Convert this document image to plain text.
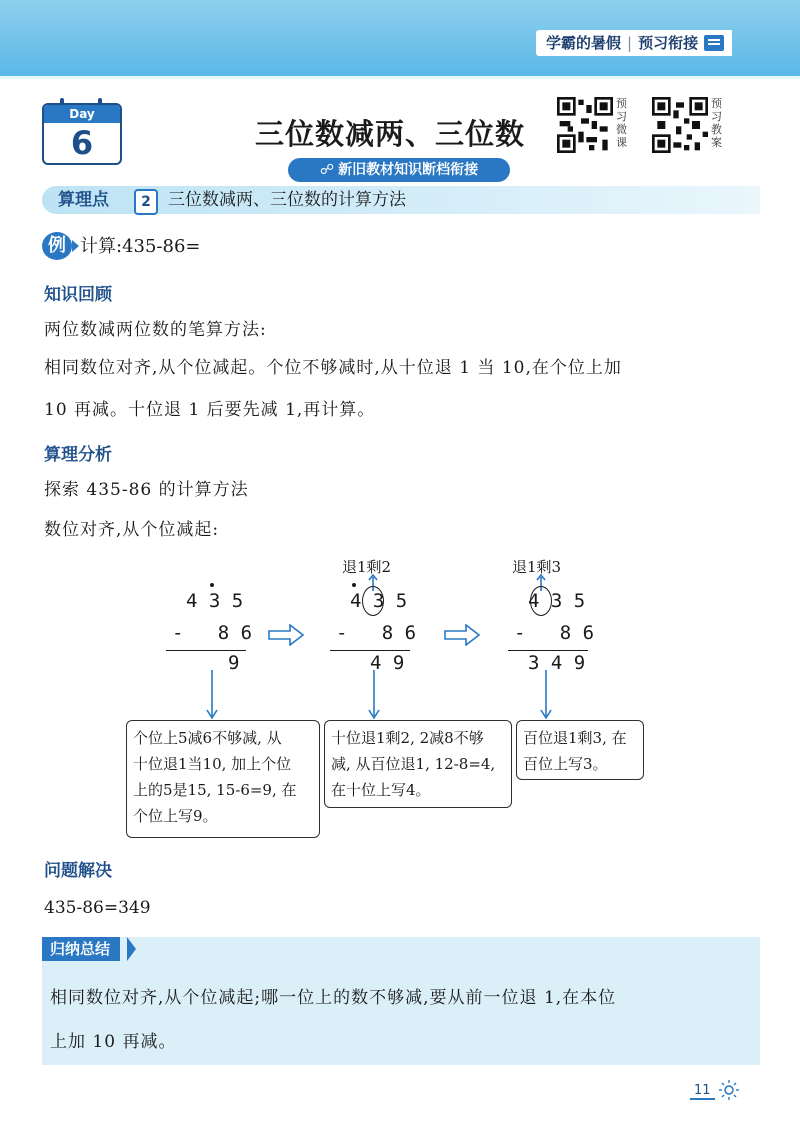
学霸的暑假 | 预习衔接
Day
6	三位数减两、三位数
☍ 新旧教材知识断档衔接
预习微课
预习教案
算理点	2	三位数减两、三位数的计算方法
例 计算:435-86=
知识回顾
两位数减两位数的笔算方法:
相同数位对齐,从个位减起。个位不够减时,从十位退 1 当 10,在个位上加
10 再减。十位退 1 后要先减 1,再计算。
算理分析
探索 435-86 的计算方法
数位对齐,从个位减起:
4 3 5
-   8 6
9
退1剩2
4 3 5
-   8 6
4 9
退1剩3
4 3 5
-   8 6
3 4 9
个位上5减6不够减, 从
十位退1当10, 加上个位
上的5是15, 15-6=9, 在
个位上写9。
十位退1剩2, 2减8不够
减, 从百位退1, 12-8=4,
在十位上写4。
百位退1剩3, 在
百位上写3。
问题解决
435-86=349
归纳总结
相同数位对齐,从个位减起;哪一位上的数不够减,要从前一位退 1,在本位
上加 10 再减。
11
